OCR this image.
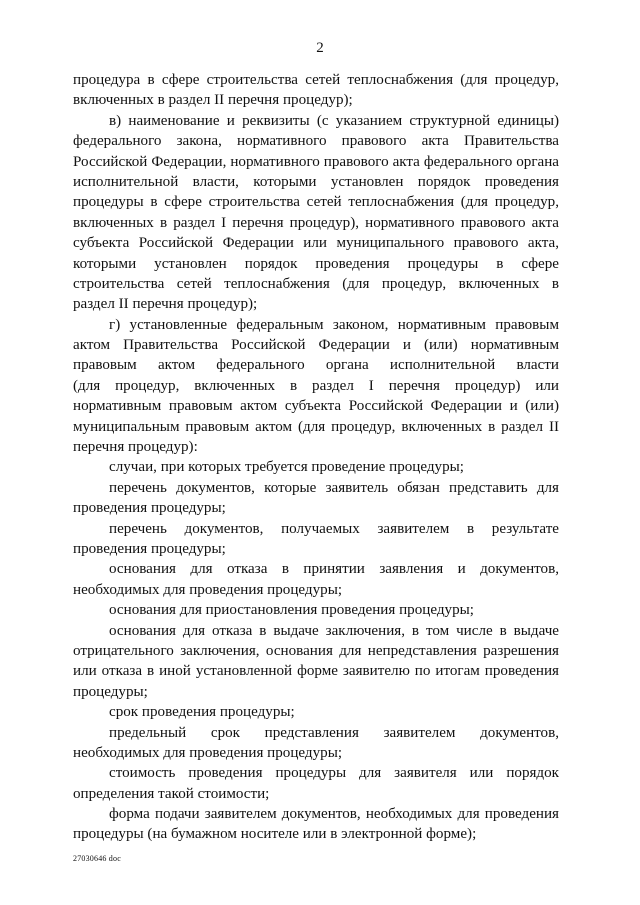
2
процедура в сфере строительства сетей теплоснабжения (для процедур,
включенных в раздел II перечня процедур);
в) наименование и реквизиты (с указанием структурной единицы)
федерального закона, нормативного правового акта Правительства
Российской Федерации, нормативного правового акта федерального органа
исполнительной власти, которыми установлен порядок проведения
процедуры в сфере строительства сетей теплоснабжения (для процедур,
включенных в раздел I перечня процедур), нормативного правового акта
субъекта Российской Федерации или муниципального правового акта,
которыми установлен порядок проведения процедуры в сфере
строительства сетей теплоснабжения (для процедур, включенных в
раздел II перечня процедур);
г) установленные федеральным законом, нормативным правовым
актом Правительства Российской Федерации и (или) нормативным
правовым актом федерального органа исполнительной власти
(для процедур, включенных в раздел I перечня процедур) или
нормативным правовым актом субъекта Российской Федерации и (или)
муниципальным правовым актом (для процедур, включенных в раздел II
перечня процедур):
случаи, при которых требуется проведение процедуры;
перечень документов, которые заявитель обязан представить для
проведения процедуры;
перечень документов, получаемых заявителем в результате
проведения процедуры;
основания для отказа в принятии заявления и документов,
необходимых для проведения процедуры;
основания для приостановления проведения процедуры;
основания для отказа в выдаче заключения, в том числе в выдаче
отрицательного заключения, основания для непредставления разрешения
или отказа в иной установленной форме заявителю по итогам проведения
процедуры;
срок проведения процедуры;
предельный срок представления заявителем документов,
необходимых для проведения процедуры;
стоимость проведения процедуры для заявителя или порядок
определения такой стоимости;
форма подачи заявителем документов, необходимых для проведения
процедуры (на бумажном носителе или в электронной форме);
27030646 doc
